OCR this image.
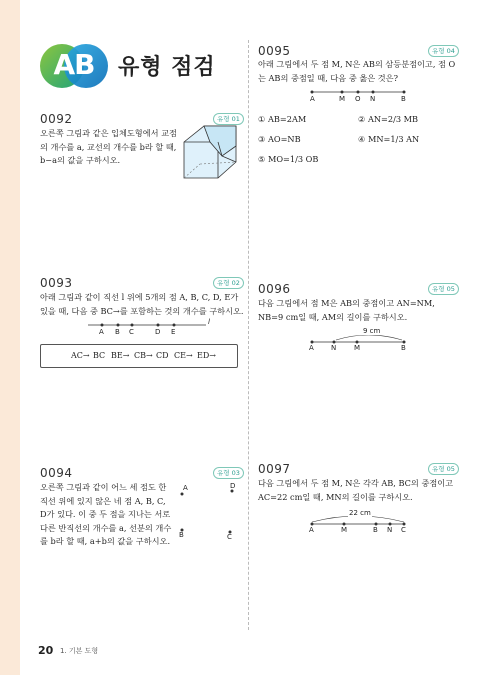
AB	유형 점검
0092	유형 01
오른쪽 그림과 같은 입체도형에서 교점
의 개수를 a, 교선의 개수를 b라 할 때,
b−a의 값을 구하시오.
0093	유형 02
아래 그림과 같이 직선 l 위에 5개의 점 A, B, C, D, E가
있을 때, 다음 중 BC→를 포함하는 것의 개수를 구하시오.
l
A B C	D E
AC→ BC BE→ CB→ CD CE→ ED→
0094	유형 03
오른쪽 그림과 같이 어느 세 점도 한
직선 위에 있지 않은 네 점 A, B, C,
D가 있다. 이 중 두 점을 지나는 서로
다른 반직선의 개수를 a, 선분의 개수
를 b라 할 때, a+b의 값을 구하시오.
A	D
B	C
0095	유형 04
아래 그림에서 두 점 M, N은 AB의 삼등분점이고, 점 O
는 AB의 중점일 때, 다음 중 옳은 것은?
A	M O N	B
① AB=2AM	② AN=2/3 MB
③ AO=NB	④ MN=1/3 AN
⑤ MO=1/3 OB
0096	유형 05
다음 그림에서 점 M은 AB의 중점이고 AN=NM,
NB=9 cm일 때, AM의 길이를 구하시오.
9 cm
A N	M	B
0097	유형 05
다음 그림에서 두 점 M, N은 각각 AB, BC의 중점이고
AC=22 cm일 때, MN의 길이를 구하시오.
22 cm
A	M	B N C
20 1. 기본 도형
